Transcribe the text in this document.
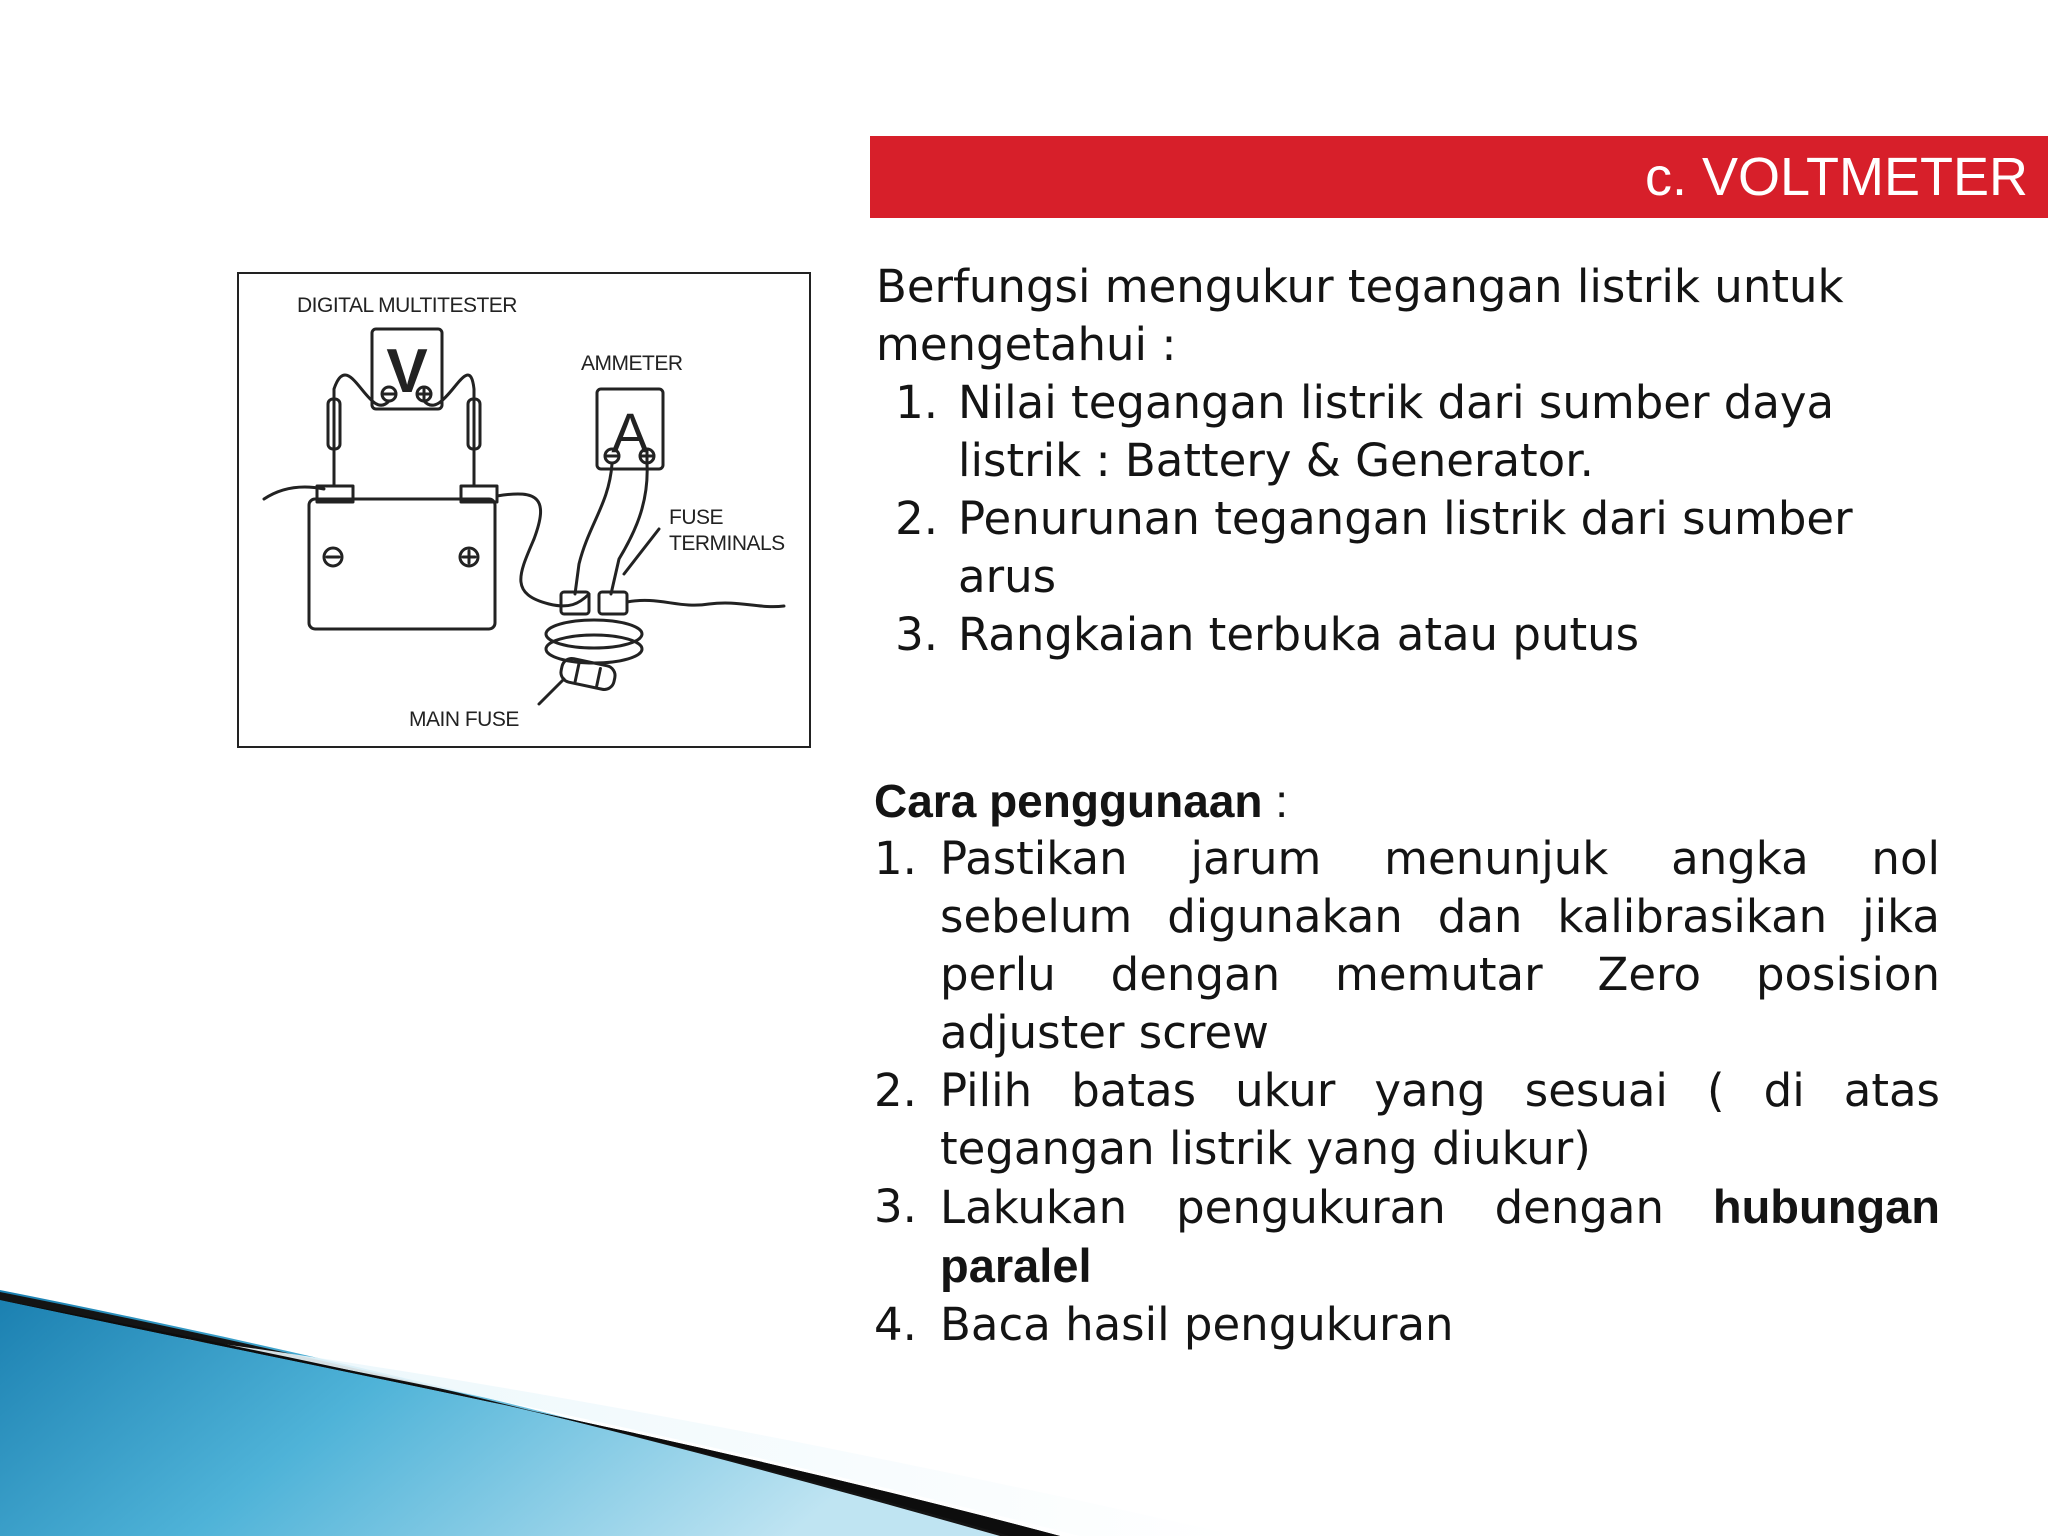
c. VOLTMETER
V
A
DIGITAL MULTITESTER
AMMETER
FUSE
TERMINALS
MAIN FUSE

Berfungsi mengukur tegangan listrik untuk mengetahui :

1. Nilai tegangan listrik dari sumber daya listrik : Battery & Generator.
2. Penurunan tegangan listrik dari sumber arus
3. Rangkaian terbuka atau putus

Cara penggunaan :

1. Pastikan jarum menunjuk angka nol sebelum digunakan dan kalibrasikan jika perlu dengan memutar Zero posision adjuster screw
2. Pilih batas ukur yang sesuai ( di atas tegangan listrik yang diukur)
3. Lakukan pengukuran dengan hubungan paralel
4. Baca hasil pengukuran
